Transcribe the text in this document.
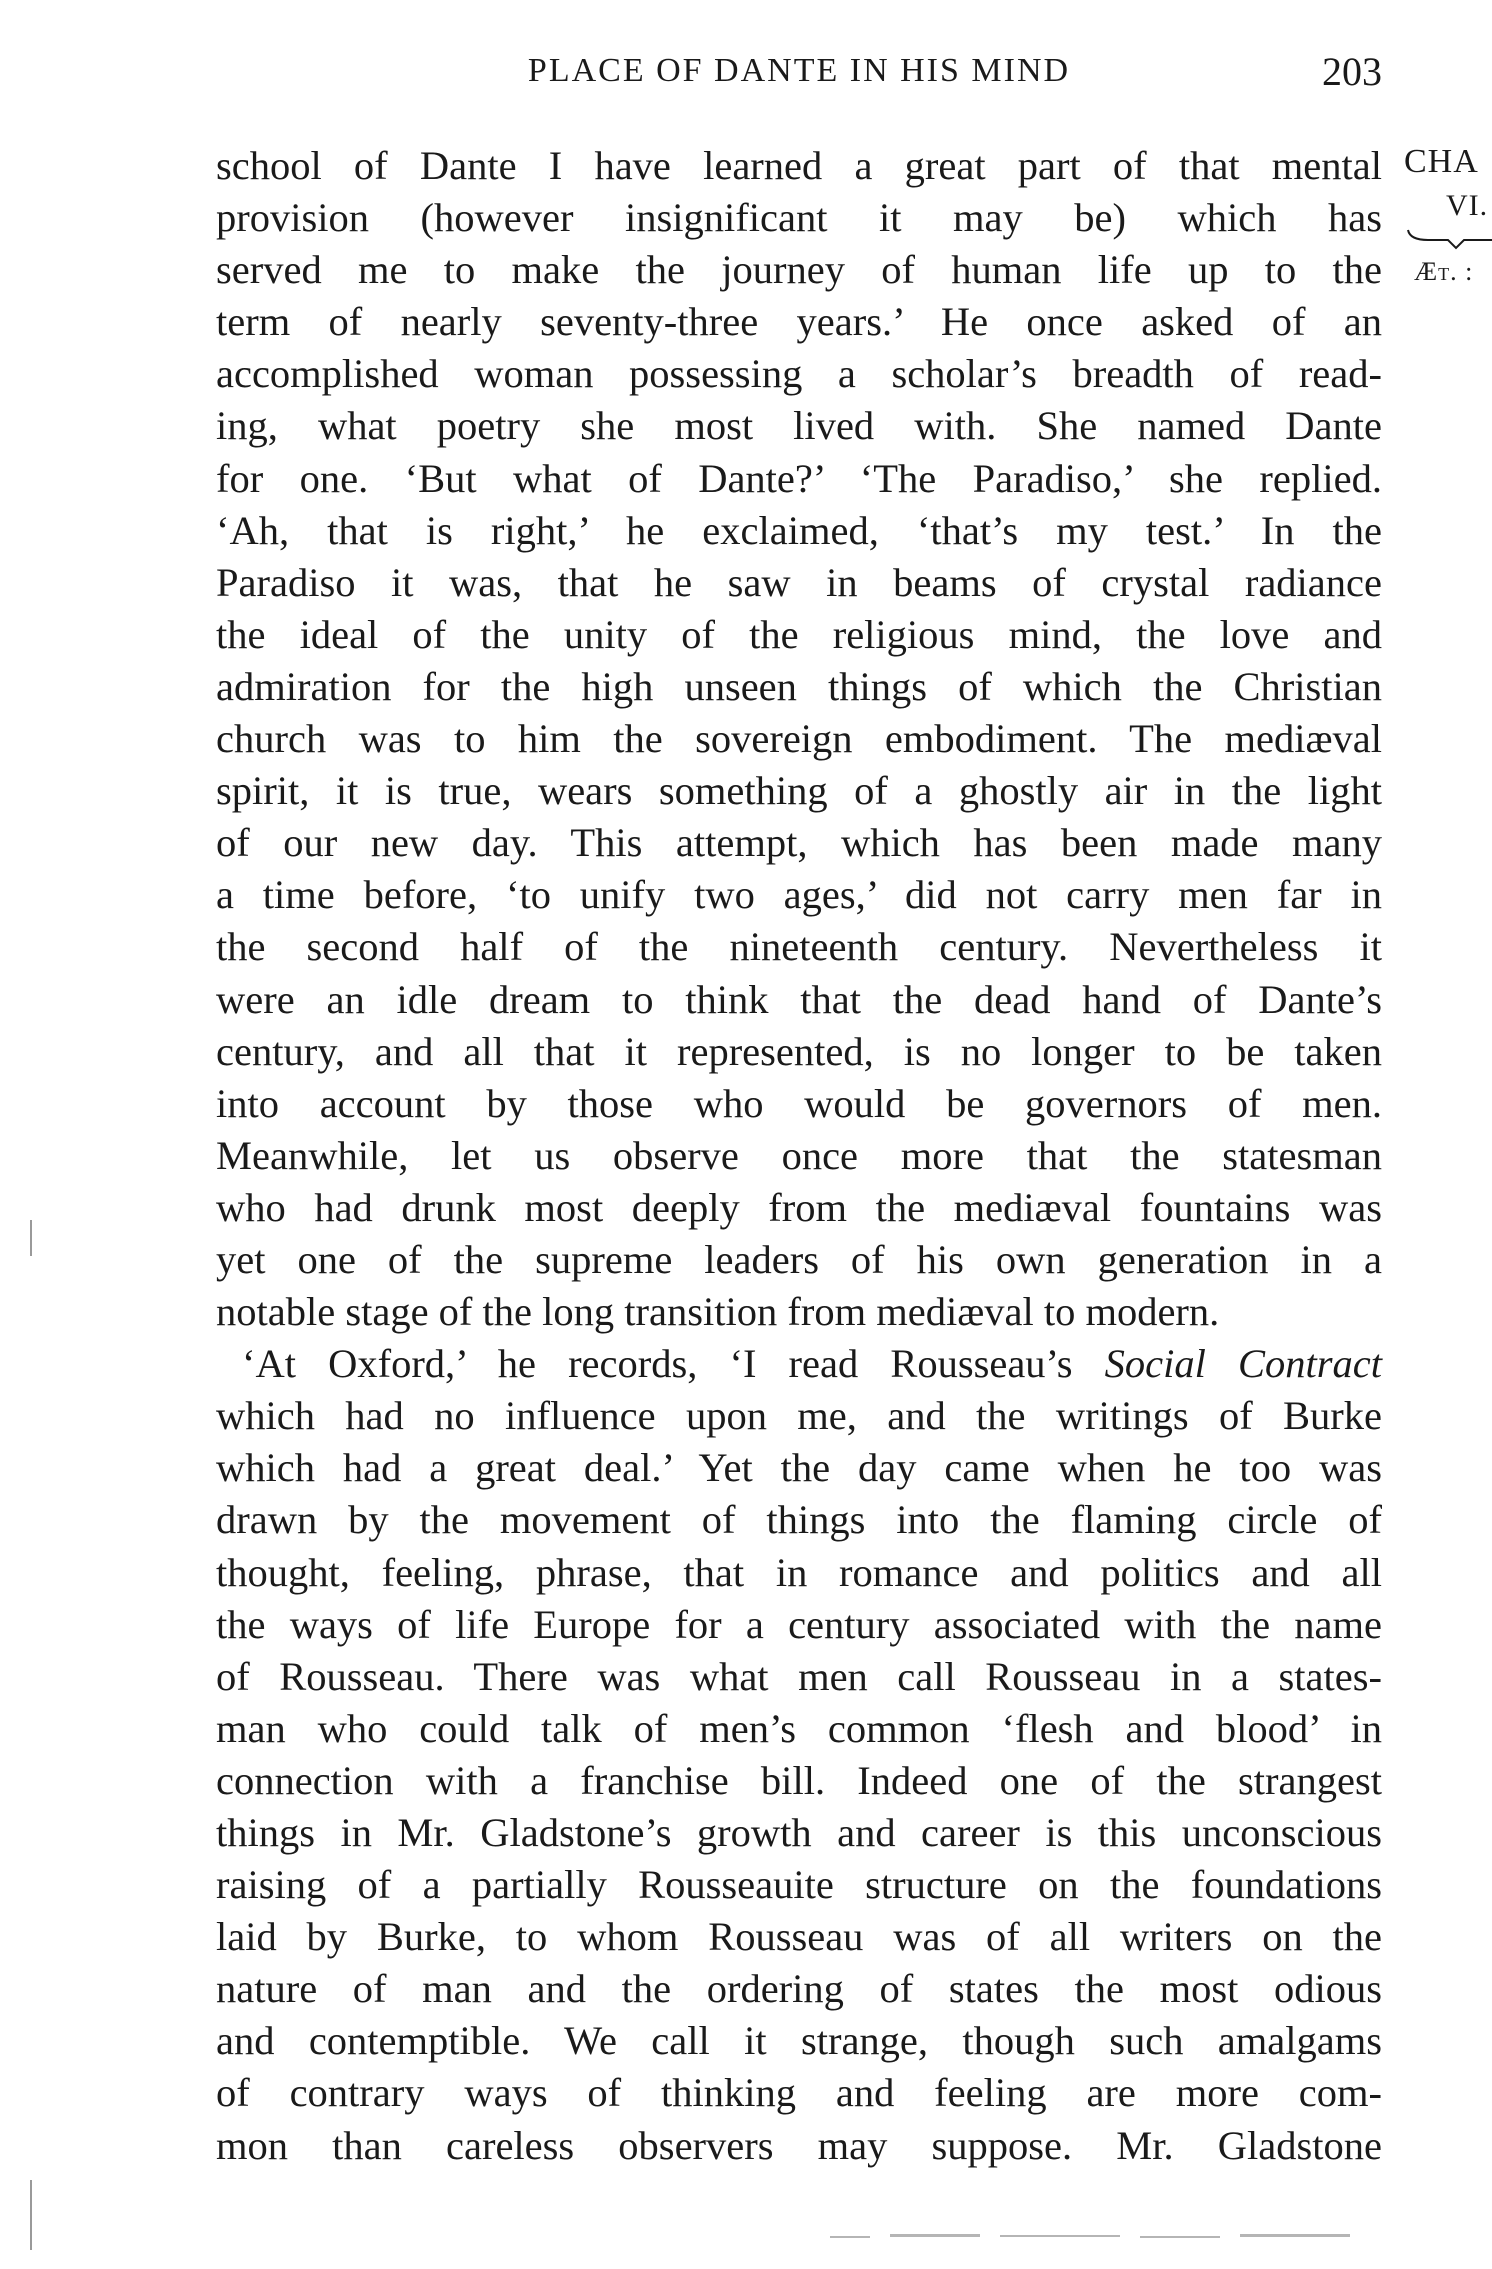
PLACE OF DANTE IN HIS MIND	203
CHA
VI.
Æt. :
school of Dante I have learned a great part of that mental
provision (however insignificant it may be) which has
served me to make the journey of human life up to the
term of nearly seventy-three years.’ He once asked of an
accomplished woman possessing a scholar’s breadth of read-
ing, what poetry she most lived with. She named Dante
for one. ‘But what of Dante?’ ‘The Paradiso,’ she replied.
‘Ah, that is right,’ he exclaimed, ‘that’s my test.’ In the
Paradiso it was, that he saw in beams of crystal radiance
the ideal of the unity of the religious mind, the love and
admiration for the high unseen things of which the Christian
church was to him the sovereign embodiment. The mediæval
spirit, it is true, wears something of a ghostly air in the light
of our new day. This attempt, which has been made many
a time before, ‘to unify two ages,’ did not carry men far in
the second half of the nineteenth century. Nevertheless it
were an idle dream to think that the dead hand of Dante’s
century, and all that it represented, is no longer to be taken
into account by those who would be governors of men.
Meanwhile, let us observe once more that the statesman
who had drunk most deeply from the mediæval fountains was
yet one of the supreme leaders of his own generation in a
notable stage of the long transition from mediæval to modern.
‘At Oxford,’ he records, ‘I read Rousseau’s Social Contract
which had no influence upon me, and the writings of Burke
which had a great deal.’ Yet the day came when he too was
drawn by the movement of things into the flaming circle of
thought, feeling, phrase, that in romance and politics and all
the ways of life Europe for a century associated with the name
of Rousseau. There was what men call Rousseau in a states-
man who could talk of men’s common ‘flesh and blood’ in
connection with a franchise bill. Indeed one of the strangest
things in Mr. Gladstone’s growth and career is this unconscious
raising of a partially Rousseauite structure on the foundations
laid by Burke, to whom Rousseau was of all writers on the
nature of man and the ordering of states the most odious
and contemptible. We call it strange, though such amalgams
of contrary ways of thinking and feeling are more com-
mon than careless observers may suppose. Mr. Gladstone
